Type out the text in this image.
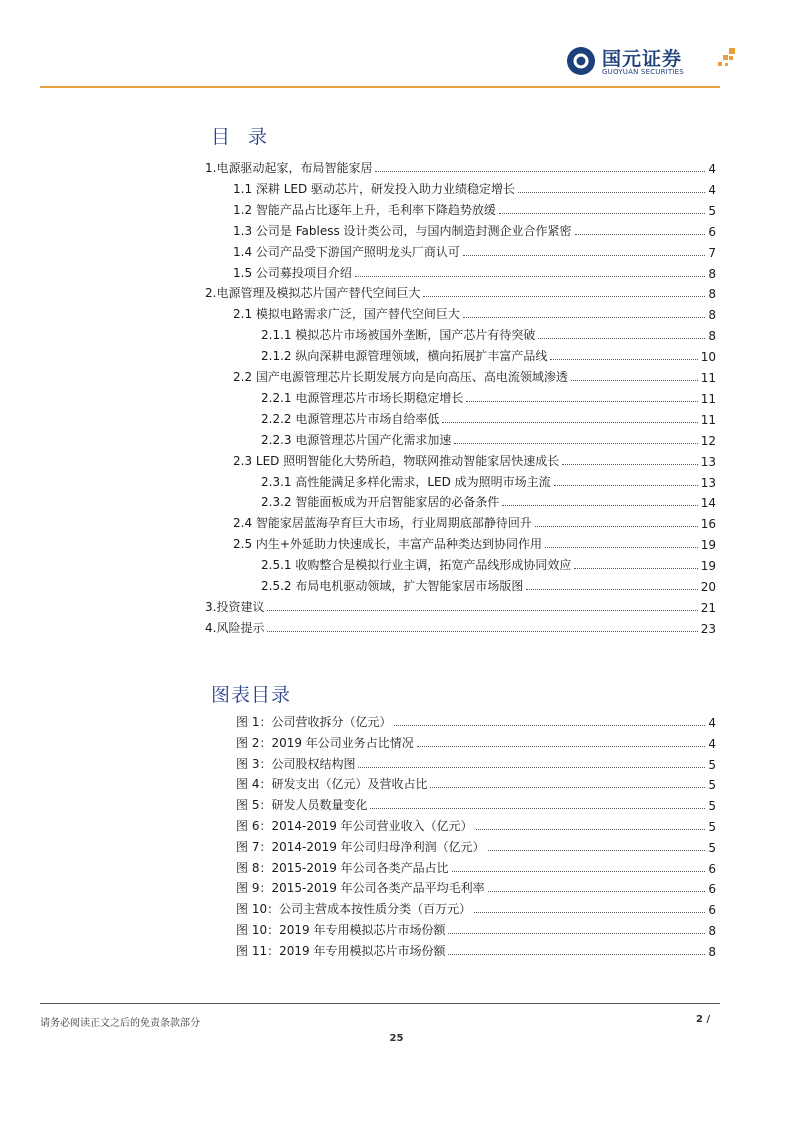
国元证券
GUOYUAN SECURITIES
目 录
图表目录
请务必阅读正文之后的免责条款部分	2 /
25
1.电源驱动起家，布局智能家居	4
1.1 深耕 LED 驱动芯片，研发投入助力业绩稳定增长	4
1.2 智能产品占比逐年上升，毛利率下降趋势放缓	5
1.3 公司是 Fabless 设计类公司，与国内制造封测企业合作紧密	6
1.4 公司产品受下游国产照明龙头厂商认可	7
1.5 公司募投项目介绍	8
2.电源管理及模拟芯片国产替代空间巨大	8
2.1 模拟电路需求广泛，国产替代空间巨大	8
2.1.1 模拟芯片市场被国外垄断，国产芯片有待突破	8
2.1.2 纵向深耕电源管理领域，横向拓展扩丰富产品线	10
2.2 国产电源管理芯片长期发展方向是向高压、高电流领域渗透	11
2.2.1 电源管理芯片市场长期稳定增长	11
2.2.2 电源管理芯片市场自给率低	11
2.2.3 电源管理芯片国产化需求加速	12
2.3 LED 照明智能化大势所趋，物联网推动智能家居快速成长	13
2.3.1 高性能满足多样化需求，LED 成为照明市场主流	13
2.3.2 智能面板成为开启智能家居的必备条件	14
2.4 智能家居蓝海孕育巨大市场，行业周期底部静待回升	16
2.5 内生+外延助力快速成长，丰富产品种类达到协同作用	19
2.5.1 收购整合是模拟行业主调，拓宽产品线形成协同效应	19
2.5.2 布局电机驱动领域，扩大智能家居市场版图	20
3.投资建议	21
4.风险提示	23
图 1：公司营收拆分（亿元）	4
图 2：2019 年公司业务占比情况	4
图 3：公司股权结构图	5
图 4：研发支出（亿元）及营收占比	5
图 5：研发人员数量变化	5
图 6：2014-2019 年公司营业收入（亿元）	5
图 7：2014-2019 年公司归母净利润（亿元）	5
图 8：2015-2019 年公司各类产品占比	6
图 9：2015-2019 年公司各类产品平均毛利率	6
图 10：公司主营成本按性质分类（百万元）	6
图 10：2019 年专用模拟芯片市场份额	8
图 11：2019 年专用模拟芯片市场份额	8
